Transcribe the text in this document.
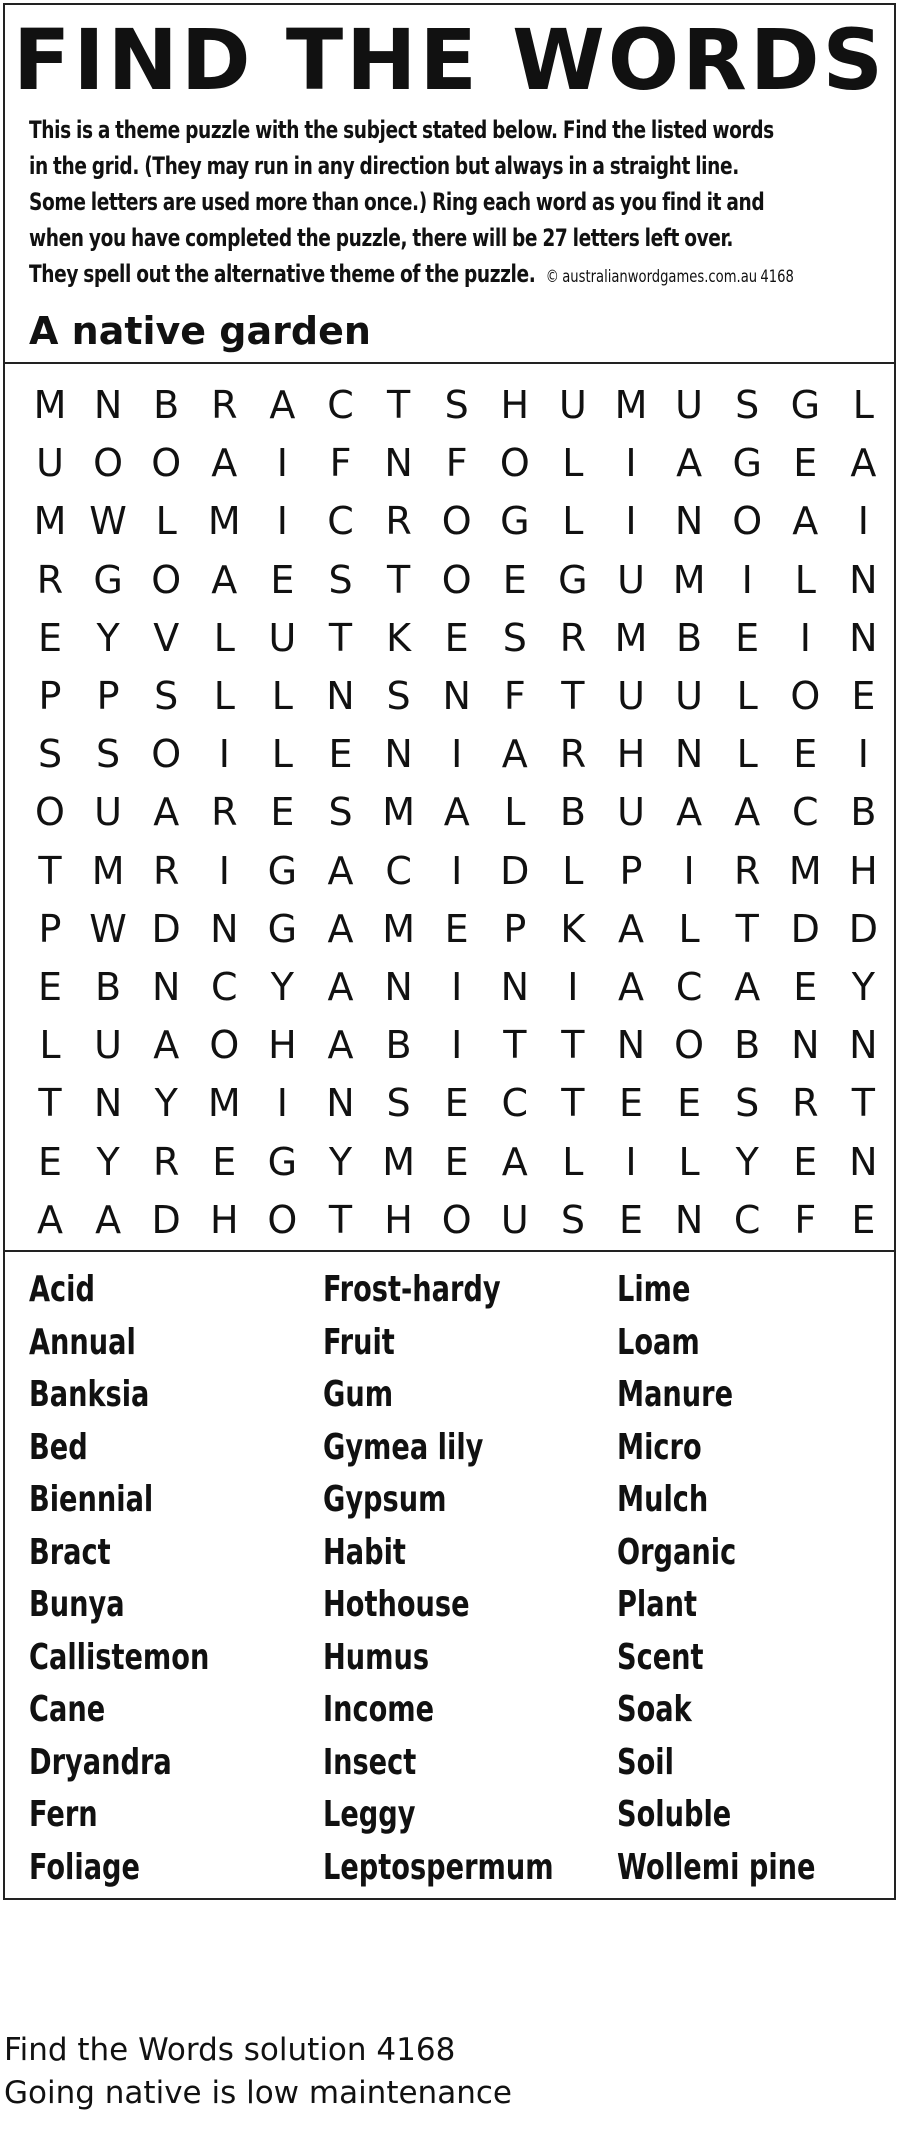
FIND THE WORDS
This is a theme puzzle with the subject stated below. Find the listed words
in the grid. (They may run in any direction but always in a straight line.
Some letters are used more than once.) Ring each word as you find it and
when you have completed the puzzle, there will be 27 letters left over.
They spell out the alternative theme of the puzzle. © australianwordgames.com.au 4168
A native garden
M N B R A C T S H U M U S G L
U O O A	I	F N F O L	I	A G E A
M W L M I	C R O G L	I	N O A	I
R G O A E S T O E G U M I	L N
E Y V L U T K E S R M B E	I	N
P P S L L N S N F T U U L O E
S S O I	L E N	I	A R H N L E	I
O U A R E S M A L B U A A C B
T M R	I G A C	I D L P	I	R M H
P W D N G A M E P K A L T D D
E B N C Y A N	I	N	I	A C A E Y
L U A O H A B	I	T T N O B N N
T N Y M I	N S E C T E E S R T
E Y R E G Y M E A L	I	L Y E N
A A D H O T H O U S E N C F E
Acid
Annual
Banksia
Bed
Biennial
Bract
Bunya
Callistemon
Cane
Dryandra
Fern
Foliage
Frost-hardy
Fruit
Gum
Gymea lily
Gypsum
Habit
Hothouse
Humus
Income
Insect
Leggy
Leptospermum
Lime
Loam
Manure
Micro
Mulch
Organic
Plant
Scent
Soak
Soil
Soluble
Wollemi pine
Find the Words solution 4168
Going native is low maintenance
